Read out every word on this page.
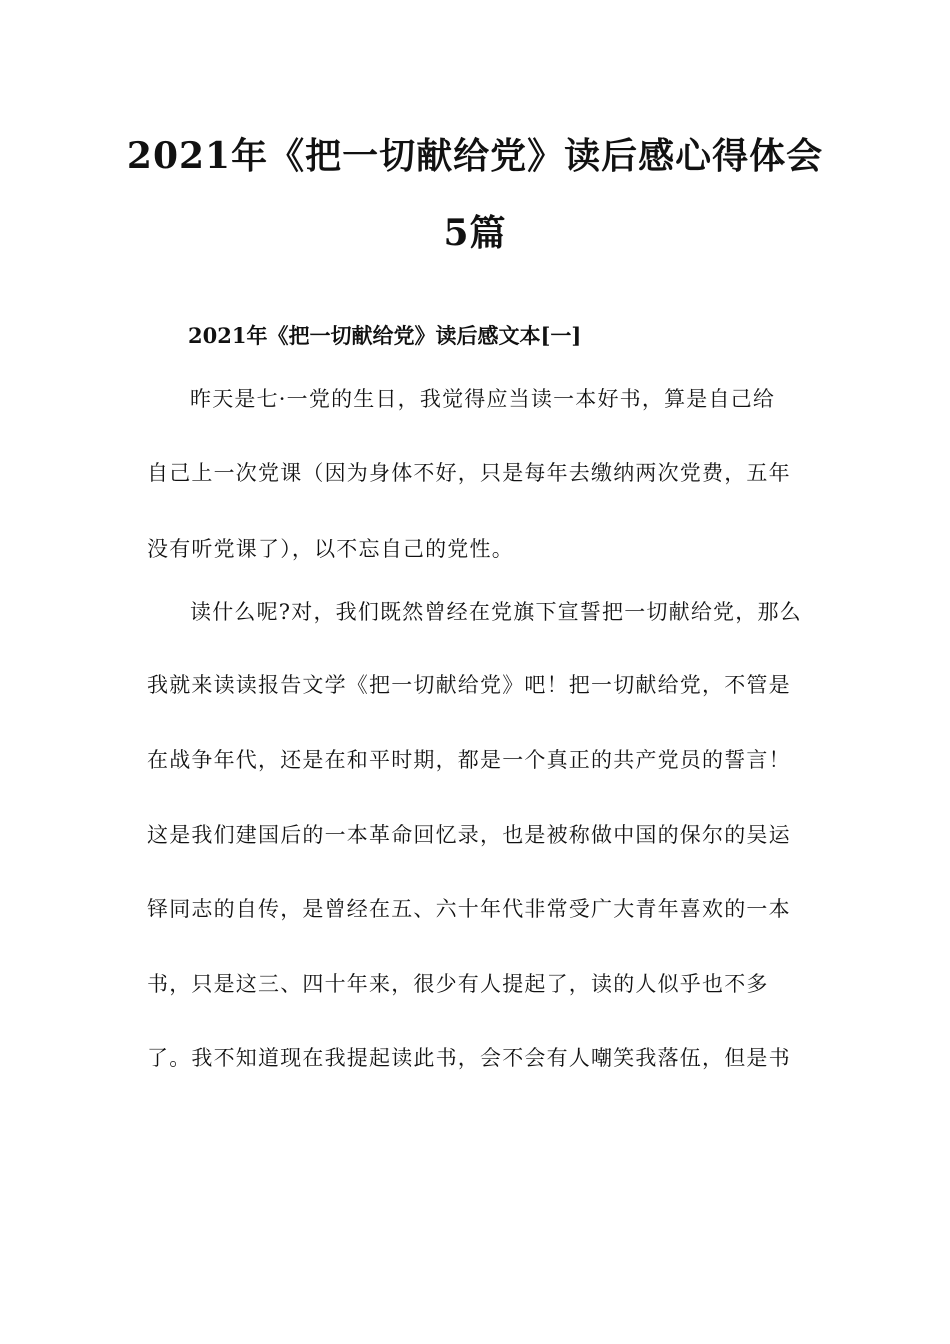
2021年《把一切献给党》读后感心得体会
5篇
2021年《把一切献给党》读后感文本[一]
昨天是七·一党的生日，我觉得应当读一本好书，算是自己给
自己上一次党课（因为身体不好，只是每年去缴纳两次党费，五年
没有听党课了），以不忘自己的党性。
读什么呢?对，我们既然曾经在党旗下宣誓把一切献给党，那么
我就来读读报告文学《把一切献给党》吧！把一切献给党，不管是
在战争年代，还是在和平时期，都是一个真正的共产党员的誓言！
这是我们建国后的一本革命回忆录，也是被称做中国的保尔的吴运
铎同志的自传，是曾经在五、六十年代非常受广大青年喜欢的一本
书，只是这三、四十年来，很少有人提起了，读的人似乎也不多
了。我不知道现在我提起读此书，会不会有人嘲笑我落伍，但是书
